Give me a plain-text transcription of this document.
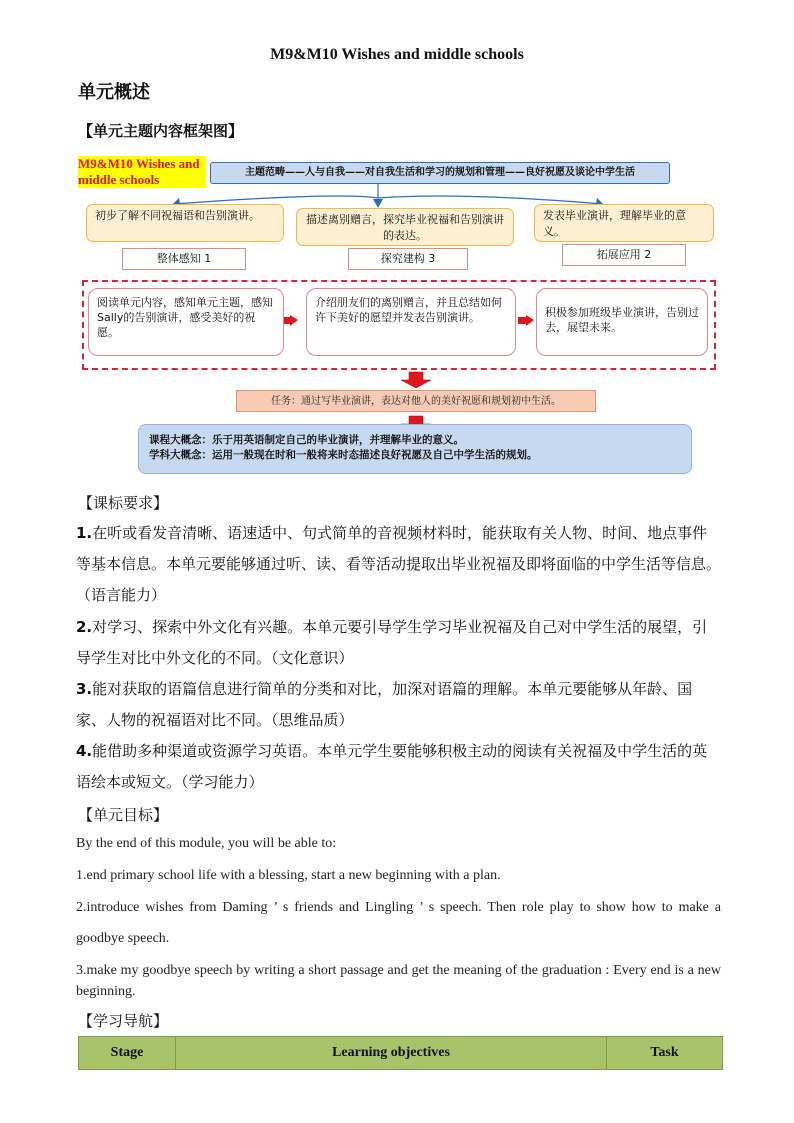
M9&M10 Wishes and middle schools
单元概述
【单元主题内容框架图】
M9&M10 Wishes and middle schools	主题范畴——人与自我——对自我生活和学习的规划和管理——良好祝愿及谈论中学生活
初步了解不同祝福语和告别演讲。	描述离别赠言，探究毕业祝福和告别演讲的表达。
发表毕业演讲，理解毕业的意义。
整体感知 1	探究建构 3	拓展应用 2
阅读单元内容，感知单元主题，感知Sally的告别演讲，感受美好的祝愿。
介绍朋友们的离别赠言，并且总结如何许下美好的愿望并发表告别演讲。	积极参加班级毕业演讲，告别过去，展望未来。
任务：通过写毕业演讲，表达对他人的美好祝愿和规划初中生活。
课程大概念：乐于用英语制定自己的毕业演讲，并理解毕业的意义。
学科大概念：运用一般现在时和一般将来时态描述良好祝愿及自己中学生活的规划。
【课标要求】
1.在听或看发音清晰、语速适中、句式简单的音视频材料时，能获取有关人物、时间、地点事件等基本信息。本单元要能够通过听、读、看等活动提取出毕业祝福及即将面临的中学生活等信息。（语言能力）
2.对学习、探索中外文化有兴趣。本单元要引导学生学习毕业祝福及自己对中学生活的展望，引导学生对比中外文化的不同。（文化意识）
3.能对获取的语篇信息进行简单的分类和对比，加深对语篇的理解。本单元要能够从年龄、国家、人物的祝福语对比不同。（思维品质）
4.能借助多种渠道或资源学习英语。本单元学生要能够积极主动的阅读有关祝福及中学生活的英语绘本或短文。（学习能力）
【单元目标】
By the end of this module, you will be able to:
1.end primary school life with a blessing, start a new beginning with a plan.
2.introduce wishes from Daming ’ s friends and Lingling ’ s speech. Then role play to show how to make a goodbye speech.
3.make my goodbye speech by writing a short passage and get the meaning of the graduation : Every end is a new beginning.
【学习导航】
Stage	Learning objectives	Task
